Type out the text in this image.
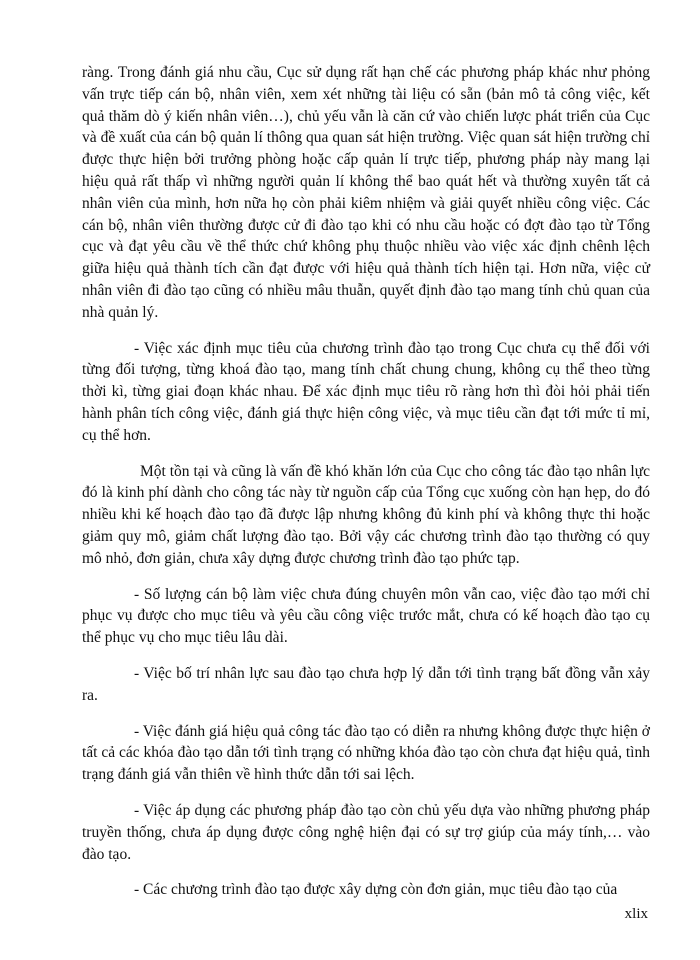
ràng. Trong đánh giá nhu cầu, Cục sử dụng rất hạn chế các phương pháp khác như phỏng vấn trực tiếp cán bộ, nhân viên, xem xét những tài liệu có sẵn (bản mô tả công việc, kết quả thăm dò ý kiến nhân viên…), chủ yếu vẫn là căn cứ vào chiến lược phát triển của Cục và đề xuất của cán bộ quản lí thông qua quan sát hiện trường. Việc quan sát hiện trường chỉ được thực hiện bởi trưởng phòng hoặc cấp quản lí trực tiếp, phương pháp này mang lại hiệu quả rất thấp vì những người quản lí không thể bao quát hết và thường xuyên tất cả nhân viên của mình, hơn nữa họ còn phải kiêm nhiệm và giải quyết nhiều công việc. Các cán bộ, nhân viên thường được cử đi đào tạo khi có nhu cầu hoặc có đợt đào tạo từ Tổng cục và đạt yêu cầu về thể thức chứ không phụ thuộc nhiều vào việc xác định chênh lệch giữa hiệu quả thành tích cần đạt được với hiệu quả thành tích hiện tại. Hơn nữa, việc cử nhân viên đi đào tạo cũng có nhiều mâu thuẫn, quyết định đào tạo mang tính chủ quan của nhà quản lý.

- Việc xác định mục tiêu của chương trình đào tạo trong Cục chưa cụ thể đối với từng đối tượng, từng khoá đào tạo, mang tính chất chung chung, không cụ thể theo từng thời kì, từng giai đoạn khác nhau. Để xác định mục tiêu rõ ràng hơn thì đòi hỏi phải tiến hành phân tích công việc, đánh giá thực hiện công việc, và mục tiêu cần đạt tới mức tỉ mỉ, cụ thể hơn.

Một tồn tại và cũng là vấn đề khó khăn lớn của Cục cho công tác đào tạo nhân lực đó là kinh phí dành cho công tác này từ nguồn cấp của Tổng cục xuống còn hạn hẹp, do đó nhiều khi kế hoạch đào tạo đã được lập nhưng không đủ kinh phí và không thực thi hoặc giảm quy mô, giảm chất lượng đào tạo. Bởi vậy các chương trình đào tạo thường có quy mô nhỏ, đơn giản, chưa xây dựng được chương trình đào tạo phức tạp.

- Số lượng cán bộ làm việc chưa đúng chuyên môn vẫn cao, việc đào tạo mới chỉ phục vụ được cho mục tiêu và yêu cầu công việc trước mắt, chưa có kế hoạch đào tạo cụ thể phục vụ cho mục tiêu lâu dài.

- Việc bố trí nhân lực sau đào tạo chưa hợp lý dẫn tới tình trạng bất đồng vẫn xảy ra.

- Việc đánh giá hiệu quả công tác đào tạo có diễn ra nhưng không được thực hiện ở tất cả các khóa đào tạo dẫn tới tình trạng có những khóa đào tạo còn chưa đạt hiệu quả, tình trạng đánh giá vẫn thiên về hình thức dẫn tới sai lệch.

- Việc áp dụng các phương pháp đào tạo còn chủ yếu dựa vào những phương pháp truyền thống, chưa áp dụng được công nghệ hiện đại có sự trợ giúp của máy tính,… vào đào tạo.

- Các chương trình đào tạo được xây dựng còn đơn giản, mục tiêu đào tạo của

xlix
